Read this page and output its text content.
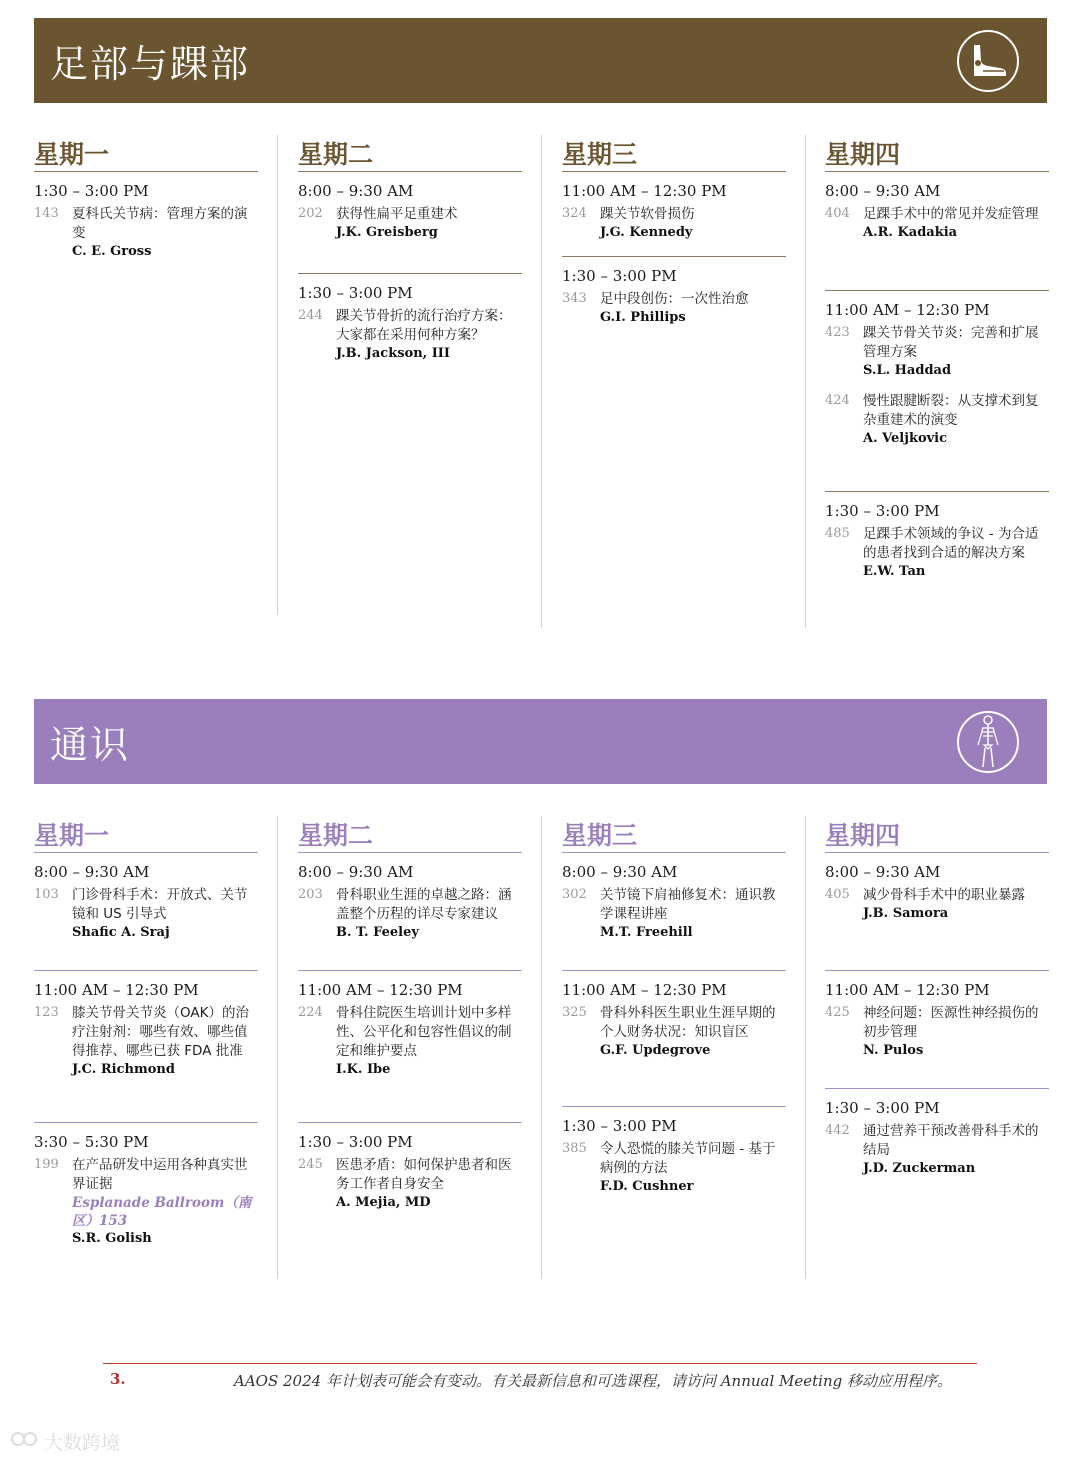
足部与踝部
星期一
1:30 – 3:00 PM
143 夏科氏关节病：管理方案的演变
C. E. Gross
星期二
8:00 – 9:30 AM
202 获得性扁平足重建术
J.K. Greisberg
1:30 – 3:00 PM
244 踝关节骨折的流行治疗方案：大家都在采用何种方案？
J.B. Jackson, III
星期三
11:00 AM – 12:30 PM
324 踝关节软骨损伤
J.G. Kennedy
1:30 – 3:00 PM
343 足中段创伤：一次性治愈
G.I. Phillips
星期四
8:00 – 9:30 AM
404 足踝手术中的常见并发症管理
A.R. Kadakia
11:00 AM – 12:30 PM
423 踝关节骨关节炎：完善和扩展管理方案
S.L. Haddad
424 慢性跟腱断裂：从支撑术到复杂重建术的演变
A. Veljkovic
1:30 – 3:00 PM
485 足踝手术领域的争议 - 为合适的患者找到合适的解决方案
E.W. Tan
通识
星期一
8:00 – 9:30 AM
103 门诊骨科手术：开放式、关节镜和 US 引导式
Shafic A. Sraj
11:00 AM – 12:30 PM
123 膝关节骨关节炎（OAK）的治疗注射剂：哪些有效、哪些值得推荐、哪些已获 FDA 批准
J.C. Richmond
3:30 – 5:30 PM
199 在产品研发中运用各种真实世界证据
Esplanade Ballroom（南区）153
S.R. Golish
星期二
8:00 – 9:30 AM
203 骨科职业生涯的卓越之路：涵盖整个历程的详尽专家建议
B. T. Feeley
11:00 AM – 12:30 PM
224 骨科住院医生培训计划中多样性、公平化和包容性倡议的制定和维护要点
I.K. Ibe
1:30 – 3:00 PM
245 医患矛盾：如何保护患者和医务工作者自身安全
A. Mejia, MD
星期三
8:00 – 9:30 AM
302 关节镜下肩袖修复术：通识教学课程讲座
M.T. Freehill
11:00 AM – 12:30 PM
325 骨科外科医生职业生涯早期的个人财务状况：知识盲区
G.F. Updegrove
1:30 – 3:00 PM
385 令人恐慌的膝关节问题 - 基于病例的方法
F.D. Cushner
星期四
8:00 – 9:30 AM
405 减少骨科手术中的职业暴露
J.B. Samora
11:00 AM – 12:30 PM
425 神经问题：医源性神经损伤的初步管理
N. Pulos
1:30 – 3:00 PM
442 通过营养干预改善骨科手术的结局
J.D. Zuckerman
3.	AAOS 2024 年计划表可能会有变动。有关最新信息和可选课程，请访问 Annual Meeting 移动应用程序。
大数跨境
